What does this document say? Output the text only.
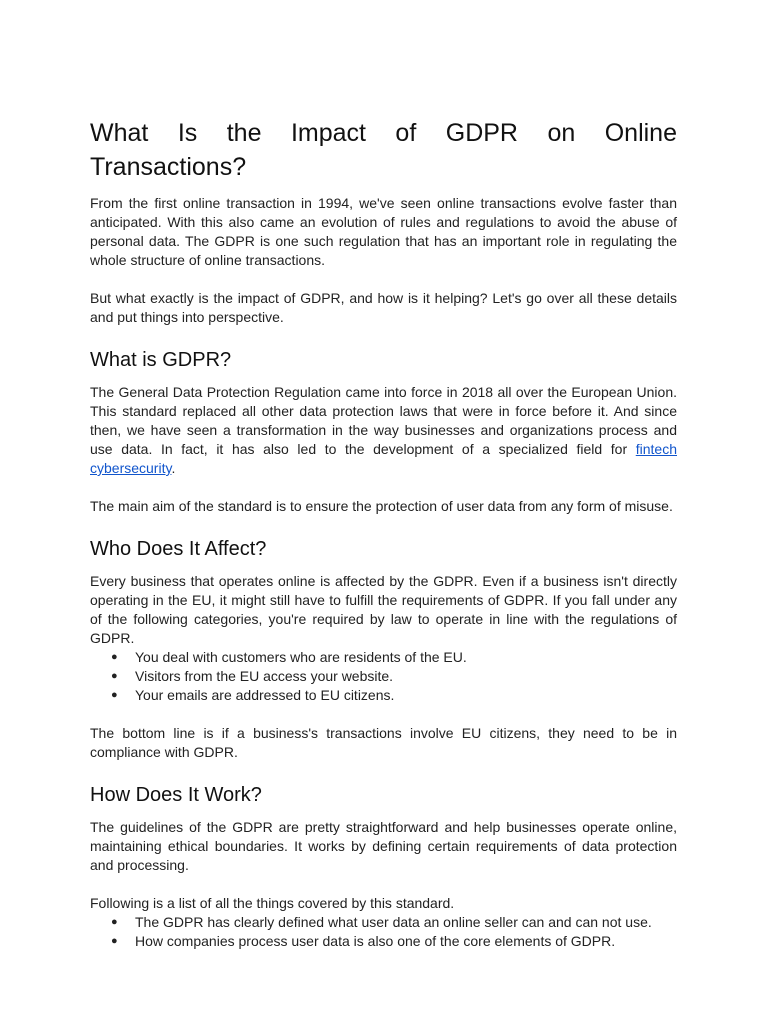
What Is the Impact of GDPR on Online
Transactions?

From the first online transaction in 1994, we've seen online transactions evolve faster than anticipated. With this also came an evolution of rules and regulations to avoid the abuse of personal data. The GDPR is one such regulation that has an important role in regulating the whole structure of online transactions.

But what exactly is the impact of GDPR, and how is it helping? Let's go over all these details and put things into perspective.

What is GDPR?

The General Data Protection Regulation came into force in 2018 all over the European Union. This standard replaced all other data protection laws that were in force before it. And since then, we have seen a transformation in the way businesses and organizations process and use data. In fact, it has also led to the development of a specialized field for fintech cybersecurity.

The main aim of the standard is to ensure the protection of user data from any form of misuse.

Who Does It Affect?

Every business that operates online is affected by the GDPR. Even if a business isn't directly operating in the EU, it might still have to fulfill the requirements of GDPR. If you fall under any of the following categories, you're required by law to operate in line with the regulations of GDPR.

● You deal with customers who are residents of the EU.
● Visitors from the EU access your website.
● Your emails are addressed to EU citizens.

The bottom line is if a business's transactions involve EU citizens, they need to be in compliance with GDPR.

How Does It Work?

The guidelines of the GDPR are pretty straightforward and help businesses operate online, maintaining ethical boundaries. It works by defining certain requirements of data protection and processing.

Following is a list of all the things covered by this standard.

● The GDPR has clearly defined what user data an online seller can and can not use.
● How companies process user data is also one of the core elements of GDPR.
